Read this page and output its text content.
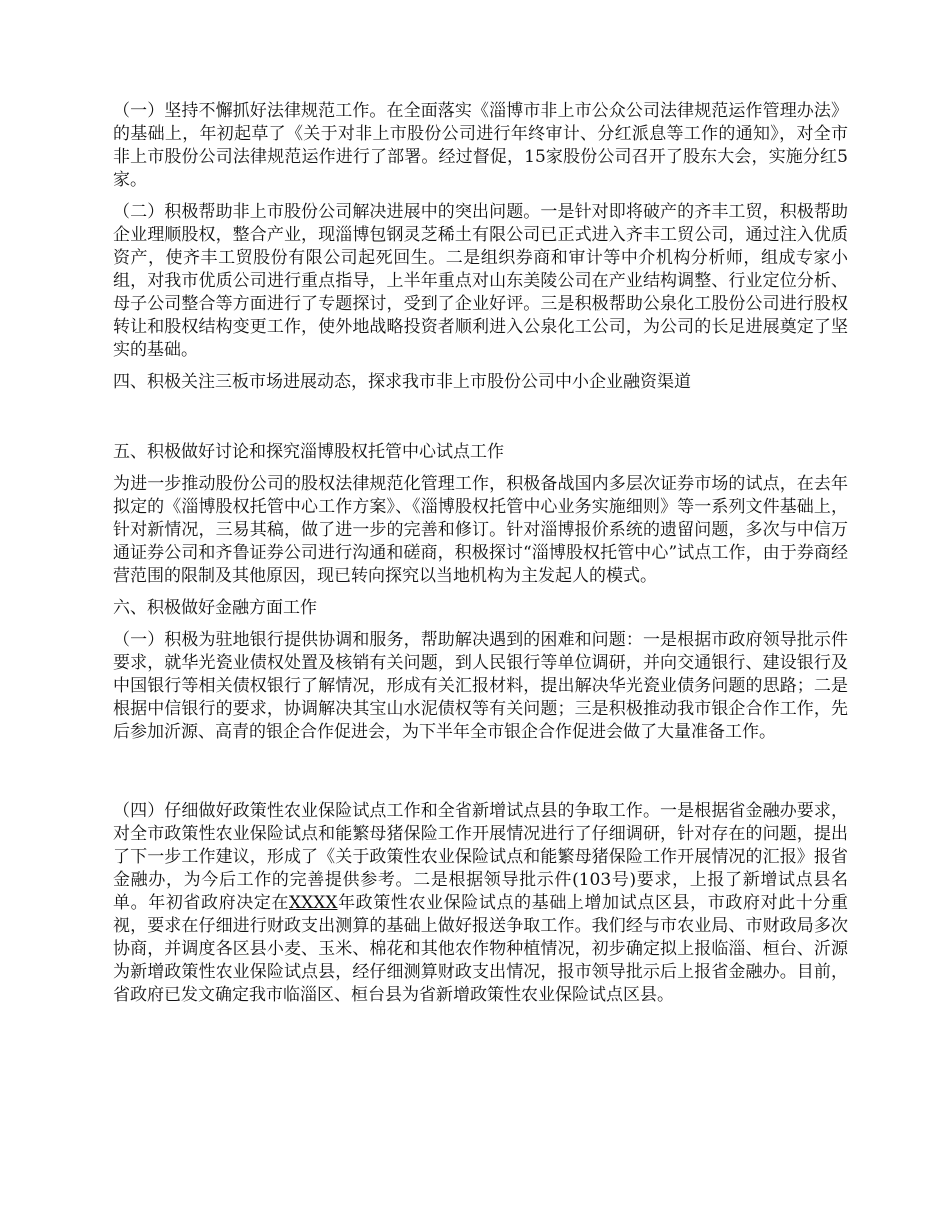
（一）坚持不懈抓好法律规范工作。在全面落实《淄博市非上市公众公司法律规范运作管理办法》的基础上，年初起草了《关于对非上市股份公司进行年终审计、分红派息等工作的通知》，对全市非上市股份公司法律规范运作进行了部署。经过督促，15家股份公司召开了股东大会，实施分红5家。

（二）积极帮助非上市股份公司解决进展中的突出问题。一是针对即将破产的齐丰工贸，积极帮助企业理顺股权，整合产业，现淄博包钢灵芝稀土有限公司已正式进入齐丰工贸公司，通过注入优质资产，使齐丰工贸股份有限公司起死回生。二是组织券商和审计等中介机构分析师，组成专家小组，对我市优质公司进行重点指导，上半年重点对山东美陵公司在产业结构调整、行业定位分析、母子公司整合等方面进行了专题探讨，受到了企业好评。三是积极帮助公泉化工股份公司进行股权转让和股权结构变更工作，使外地战略投资者顺利进入公泉化工公司，为公司的长足进展奠定了坚实的基础。

四、积极关注三板市场进展动态，探求我市非上市股份公司中小企业融资渠道

五、积极做好讨论和探究淄博股权托管中心试点工作

为进一步推动股份公司的股权法律规范化管理工作，积极备战国内多层次证券市场的试点，在去年拟定的《淄博股权托管中心工作方案》、《淄博股权托管中心业务实施细则》等一系列文件基础上，针对新情况，三易其稿，做了进一步的完善和修订。针对淄博报价系统的遗留问题，多次与中信万通证券公司和齐鲁证券公司进行沟通和磋商，积极探讨“淄博股权托管中心”试点工作，由于券商经营范围的限制及其他原因，现已转向探究以当地机构为主发起人的模式。

六、积极做好金融方面工作

（一）积极为驻地银行提供协调和服务，帮助解决遇到的困难和问题：一是根据市政府领导批示件要求，就华光瓷业债权处置及核销有关问题，到人民银行等单位调研，并向交通银行、建设银行及中国银行等相关债权银行了解情况，形成有关汇报材料，提出解决华光瓷业债务问题的思路；二是根据中信银行的要求，协调解决其宝山水泥债权等有关问题；三是积极推动我市银企合作工作，先后参加沂源、高青的银企合作促进会，为下半年全市银企合作促进会做了大量准备工作。

（四）仔细做好政策性农业保险试点工作和全省新增试点县的争取工作。一是根据省金融办要求，对全市政策性农业保险试点和能繁母猪保险工作开展情况进行了仔细调研，针对存在的问题，提出了下一步工作建议，形成了《关于政策性农业保险试点和能繁母猪保险工作开展情况的汇报》报省金融办，为今后工作的完善提供参考。二是根据领导批示件(103号)要求，上报了新增试点县名单。年初省政府决定在XXXX年政策性农业保险试点的基础上增加试点区县，市政府对此十分重视，要求在仔细进行财政支出测算的基础上做好报送争取工作。我们经与市农业局、市财政局多次协商，并调度各区县小麦、玉米、棉花和其他农作物种植情况，初步确定拟上报临淄、桓台、沂源为新增政策性农业保险试点县，经仔细测算财政支出情况，报市领导批示后上报省金融办。目前，省政府已发文确定我市临淄区、桓台县为省新增政策性农业保险试点区县。
